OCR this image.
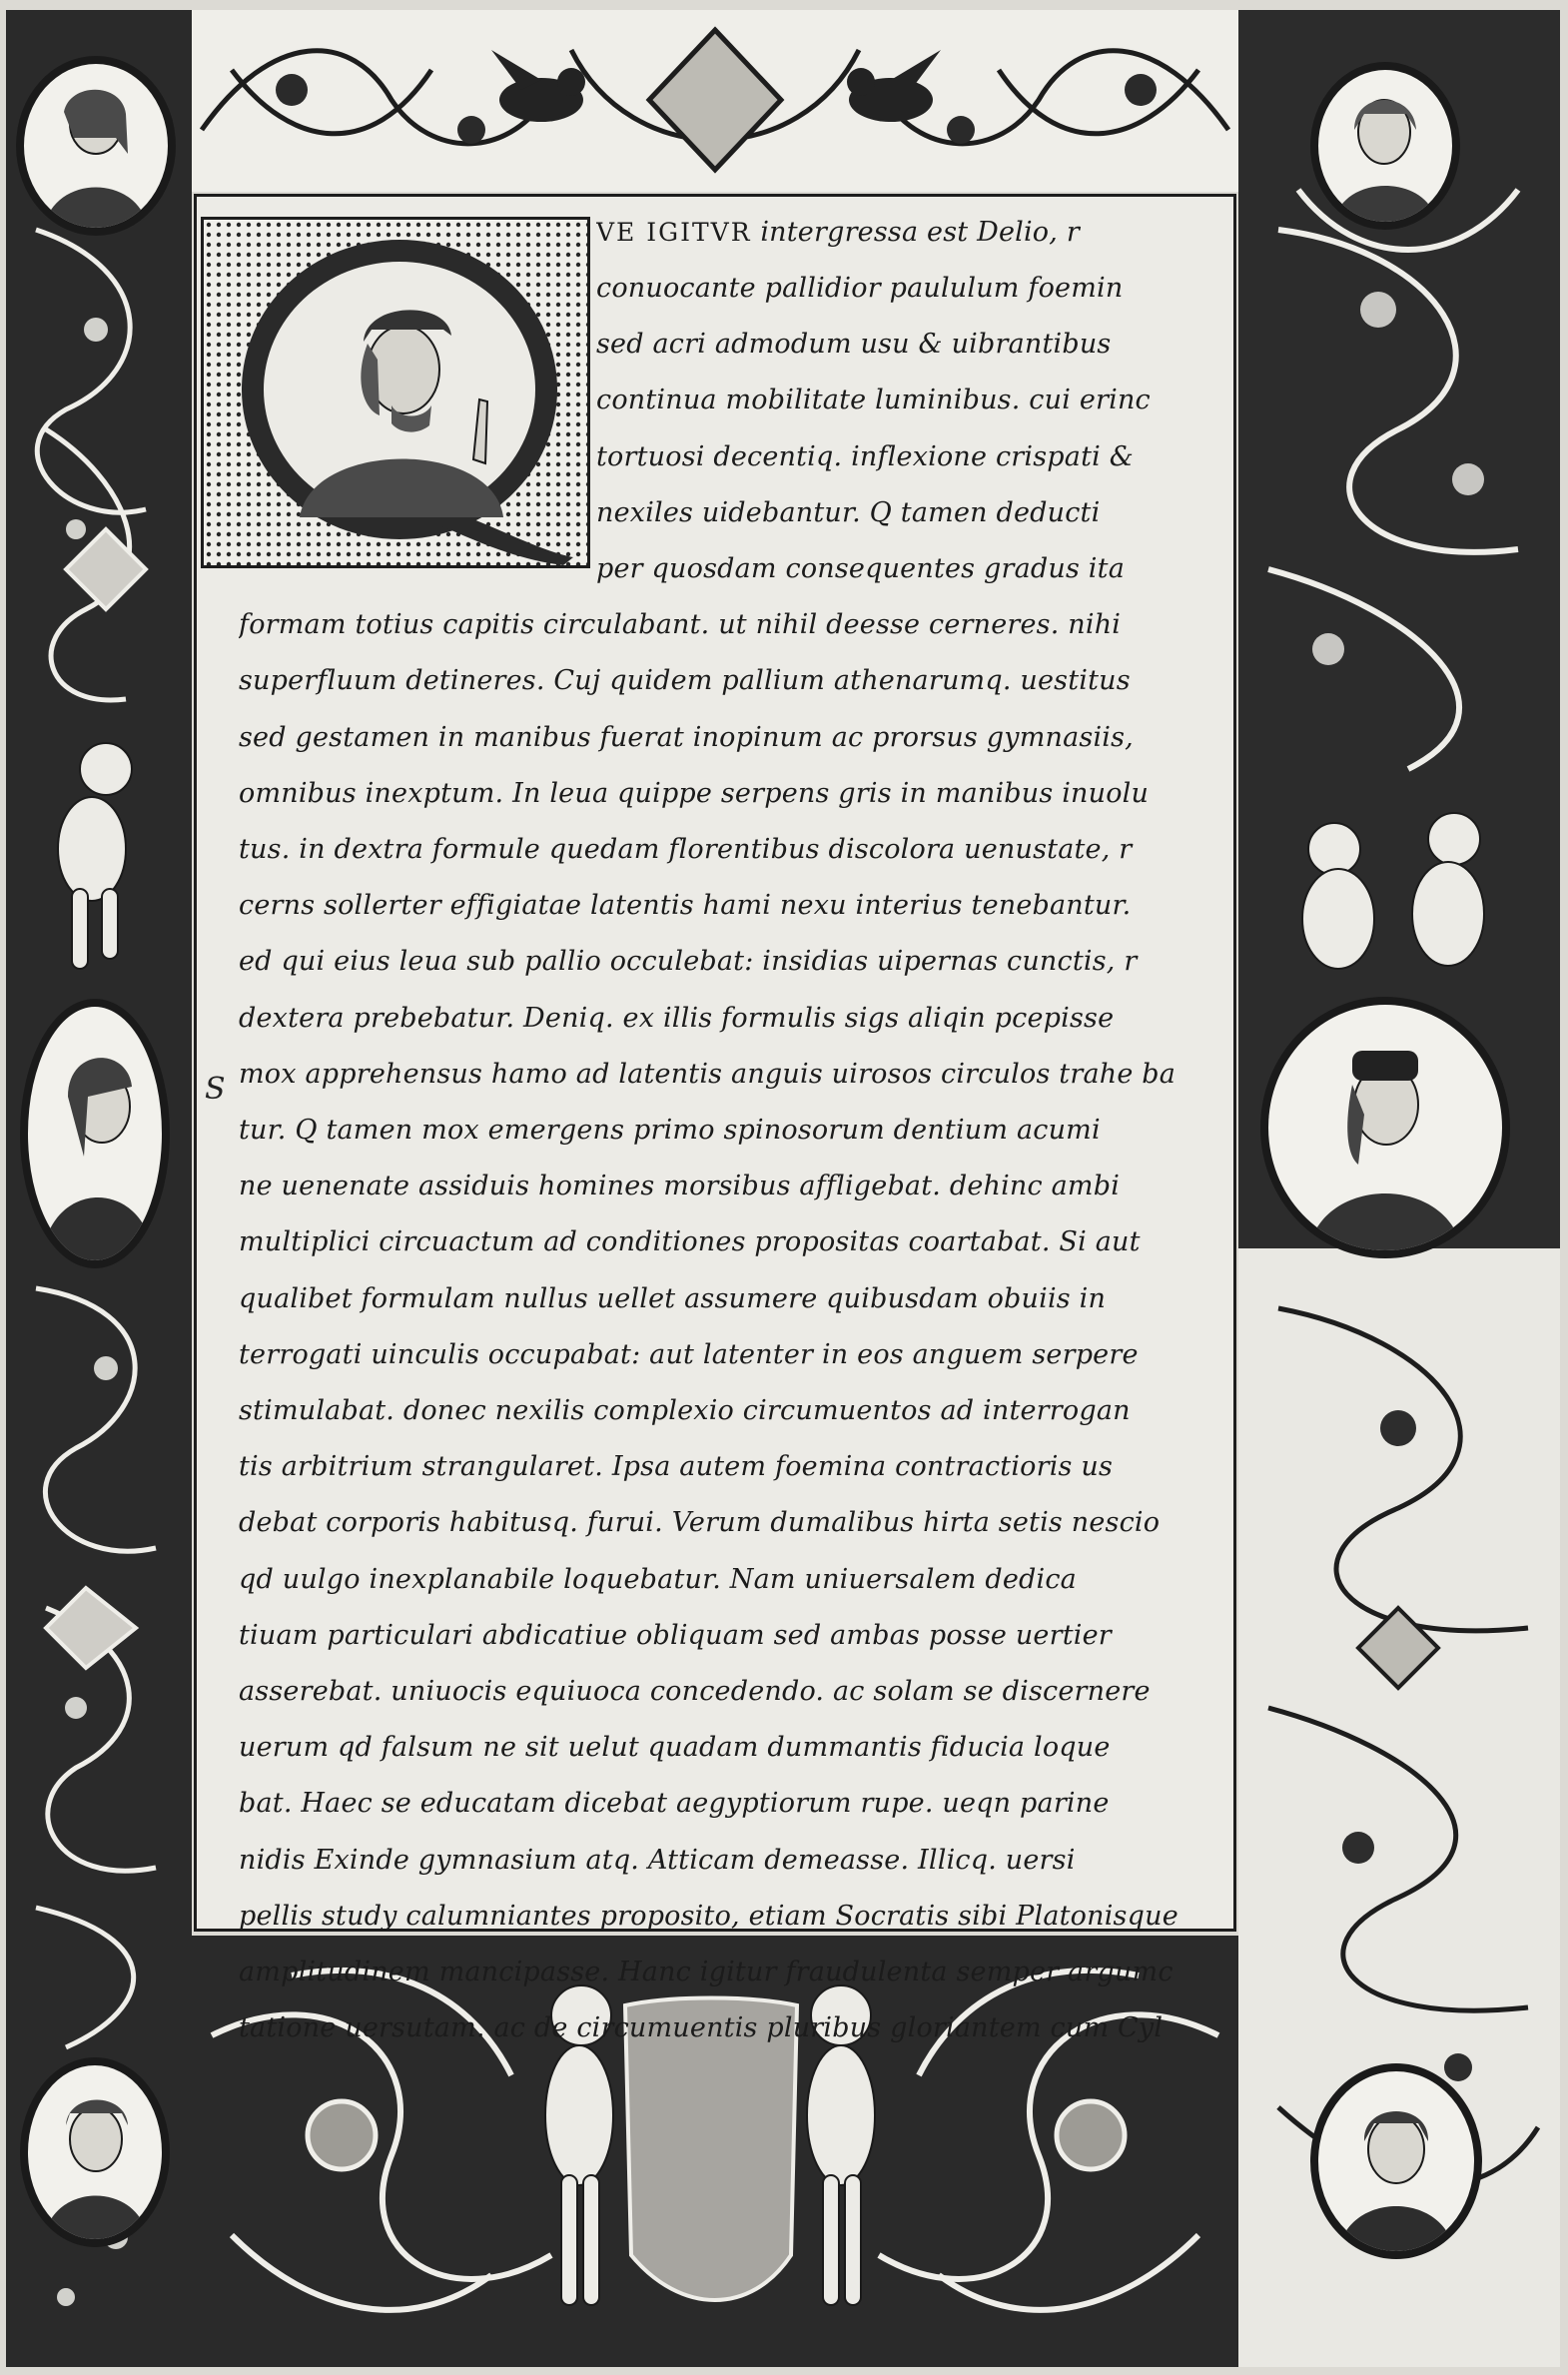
S
VE IGITVR intergressa est Delio, r
conuocante pallidior paululum foemin
sed acri admodum usu & uibrantibus
continua mobilitate luminibus. cui erinc
tortuosi decentiq. inflexione crispati &
nexiles uidebantur. Q tamen deducti
per quosdam consequentes gradus ita
formam totius capitis circulabant. ut nihil deesse cerneres. nihi
superfluum detineres. Cuj quidem pallium athenarumq. uestitus
sed gestamen in manibus fuerat inopinum ac prorsus gymnasiis,
omnibus inexptum. In leua quippe serpens gris in manibus inuolu
tus. in dextra formule quedam florentibus discolora uenustate, r
cerns sollerter effigiatae latentis hami nexu interius tenebantur.
ed qui eius leua sub pallio occulebat: insidias uipernas cunctis, r
dextera prebebatur. Deniq. ex illis formulis sigs aliqin pcepisse
mox apprehensus hamo ad latentis anguis uirosos circulos trahe ba
tur. Q tamen mox emergens primo spinosorum dentium acumi
ne uenenate assiduis homines morsibus affligebat. dehinc ambi
multiplici circuactum ad conditiones propositas coartabat. Si aut
qualibet formulam nullus uellet assumere quibusdam obuiis in
terrogati uinculis occupabat: aut latenter in eos anguem serpere
stimulabat. donec nexilis complexio circumuentos ad interrogan
tis arbitrium strangularet. Ipsa autem foemina contractioris us
debat corporis habitusq. furui. Verum dumalibus hirta setis nescio
qd uulgo inexplanabile loquebatur. Nam uniuersalem dedica
tiuam particulari abdicatiue obliquam sed ambas posse uertier
asserebat. uniuocis equiuoca concedendo. ac solam se discernere
uerum qd falsum ne sit uelut quadam dummantis fiducia loque
bat. Haec se educatam dicebat aegyptiorum rupe. ueqn parine
nidis Exinde gymnasium atq. Atticam demeasse. Illicq. uersi
pellis study calumniantes proposito, etiam Socratis sibi Platonisque
amplitudinem mancipasse. Hanc igitur fraudulenta semper argumc
tatione uersutam. ac de circumuentis pluribus gloriantem cum Cyl
